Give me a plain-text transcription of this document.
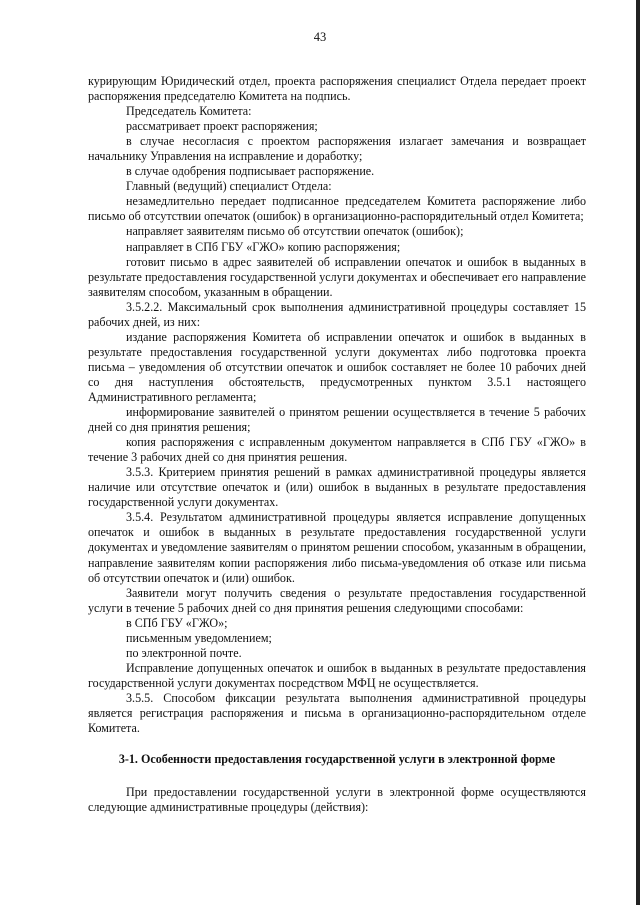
43

курирующим Юридический отдел, проекта распоряжения специалист Отдела передает проект распоряжения председателю Комитета на подпись.

Председатель Комитета:

рассматривает проект распоряжения;

в случае несогласия с проектом распоряжения излагает замечания и возвращает начальнику Управления на исправление и доработку;

в случае одобрения подписывает распоряжение.

Главный (ведущий) специалист Отдела:

незамедлительно передает подписанное председателем Комитета распоряжение либо письмо об отсутствии опечаток (ошибок) в организационно-распорядительный отдел Комитета;

направляет заявителям письмо об отсутствии опечаток (ошибок);

направляет в СПб ГБУ «ГЖО» копию распоряжения;

готовит письмо в адрес заявителей об исправлении опечаток и ошибок в выданных в результате предоставления государственной услуги документах и обеспечивает его направление заявителям способом, указанным в обращении.

3.5.2.2. Максимальный срок выполнения административной процедуры составляет 15 рабочих дней, из них:

издание распоряжения Комитета об исправлении опечаток и ошибок в выданных в результате предоставления государственной услуги документах либо подготовка проекта письма – уведомления об отсутствии опечаток и ошибок составляет не более 10 рабочих дней со дня наступления обстоятельств, предусмотренных пунктом 3.5.1 настоящего Административного регламента;

информирование заявителей о принятом решении осуществляется в течение 5 рабочих дней со дня принятия решения;

копия распоряжения с исправленным документом направляется в СПб ГБУ «ГЖО» в течение 3 рабочих дней со дня принятия решения.

3.5.3. Критерием принятия решений в рамках административной процедуры является наличие или отсутствие опечаток и (или) ошибок в выданных в результате предоставления государственной услуги документах.

3.5.4. Результатом административной процедуры является исправление допущенных опечаток и ошибок в выданных в результате предоставления государственной услуги документах и уведомление заявителям о принятом решении способом, указанным в обращении, направление заявителям копии распоряжения либо письма-уведомления об отказе или письма об отсутствии опечаток и (или) ошибок.

Заявители могут получить сведения о результате предоставления государственной услуги в течение 5 рабочих дней со дня принятия решения следующими способами:

в СПб ГБУ «ГЖО»;

письменным уведомлением;

по электронной почте.

Исправление допущенных опечаток и ошибок в выданных в результате предоставления государственной услуги документах посредством МФЦ не осуществляется.

3.5.5. Способом фиксации результата выполнения административной процедуры является регистрация распоряжения и письма в организационно-распорядительном отделе Комитета.

3-1. Особенности предоставления государственной услуги в электронной форме

При предоставлении государственной услуги в электронной форме осуществляются следующие административные процедуры (действия):
